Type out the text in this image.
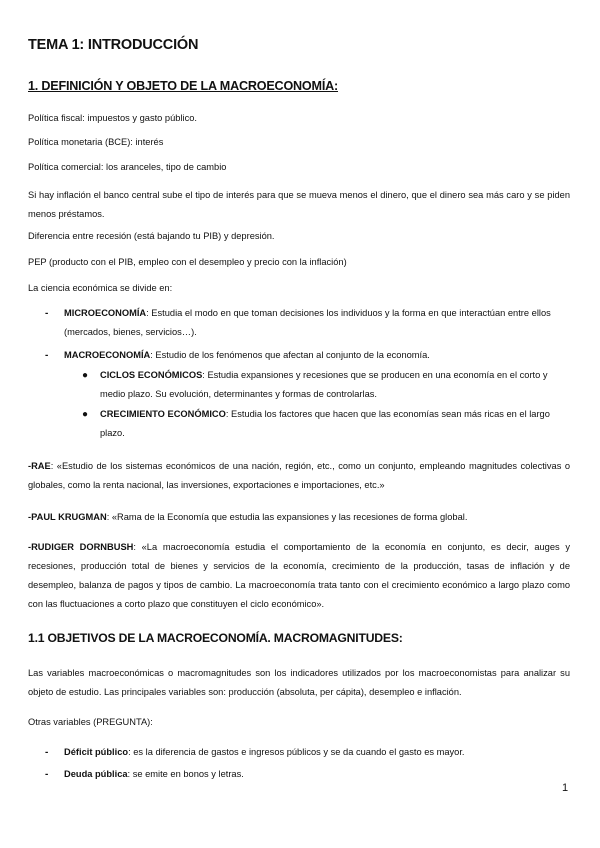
TEMA 1: INTRODUCCIÓN
1. DEFINICIÓN Y OBJETO DE LA MACROECONOMÍA:
Política fiscal: impuestos y gasto público.
Política monetaria (BCE): interés
Política comercial: los aranceles, tipo de cambio
Si hay inflación el banco central sube el tipo de interés para que se mueva menos el dinero, que el dinero sea más caro y se piden menos préstamos.
Diferencia entre recesión (está bajando tu PIB) y depresión.
PEP (producto con el PIB, empleo con el desempleo y precio con la inflación)
La ciencia económica se divide en:
- MICROECONOMÍA: Estudia el modo en que toman decisiones los individuos y la forma en que interactúan entre ellos (mercados, bienes, servicios…).
- MACROECONOMÍA: Estudio de los fenómenos que afectan al conjunto de la economía.
● CICLOS ECONÓMICOS: Estudia expansiones y recesiones que se producen en una economía en el corto y medio plazo. Su evolución, determinantes y formas de controlarlas.
● CRECIMIENTO ECONÓMICO: Estudia los factores que hacen que las economías sean más ricas en el largo plazo.
-RAE: «Estudio de los sistemas económicos de una nación, región, etc., como un conjunto, empleando magnitudes colectivas o globales, como la renta nacional, las inversiones, exportaciones e importaciones, etc.»
-PAUL KRUGMAN: «Rama de la Economía que estudia las expansiones y las recesiones de forma global.
-RUDIGER DORNBUSH: «La macroeconomía estudia el comportamiento de la economía en conjunto, es decir, auges y recesiones, producción total de bienes y servicios de la economía, crecimiento de la producción, tasas de inflación y de desempleo, balanza de pagos y tipos de cambio. La macroeconomía trata tanto con el crecimiento económico a largo plazo como con las fluctuaciones a corto plazo que constituyen el ciclo económico».
1.1 OBJETIVOS DE LA MACROECONOMÍA. MACROMAGNITUDES:
Las variables macroeconómicas o macromagnitudes son los indicadores utilizados por los macroeconomistas para analizar su objeto de estudio. Las principales variables son: producción (absoluta, per cápita), desempleo e inflación.
Otras variables (PREGUNTA):
- Déficit público: es la diferencia de gastos e ingresos públicos y se da cuando el gasto es mayor.
- Deuda pública: se emite en bonos y letras.
1
